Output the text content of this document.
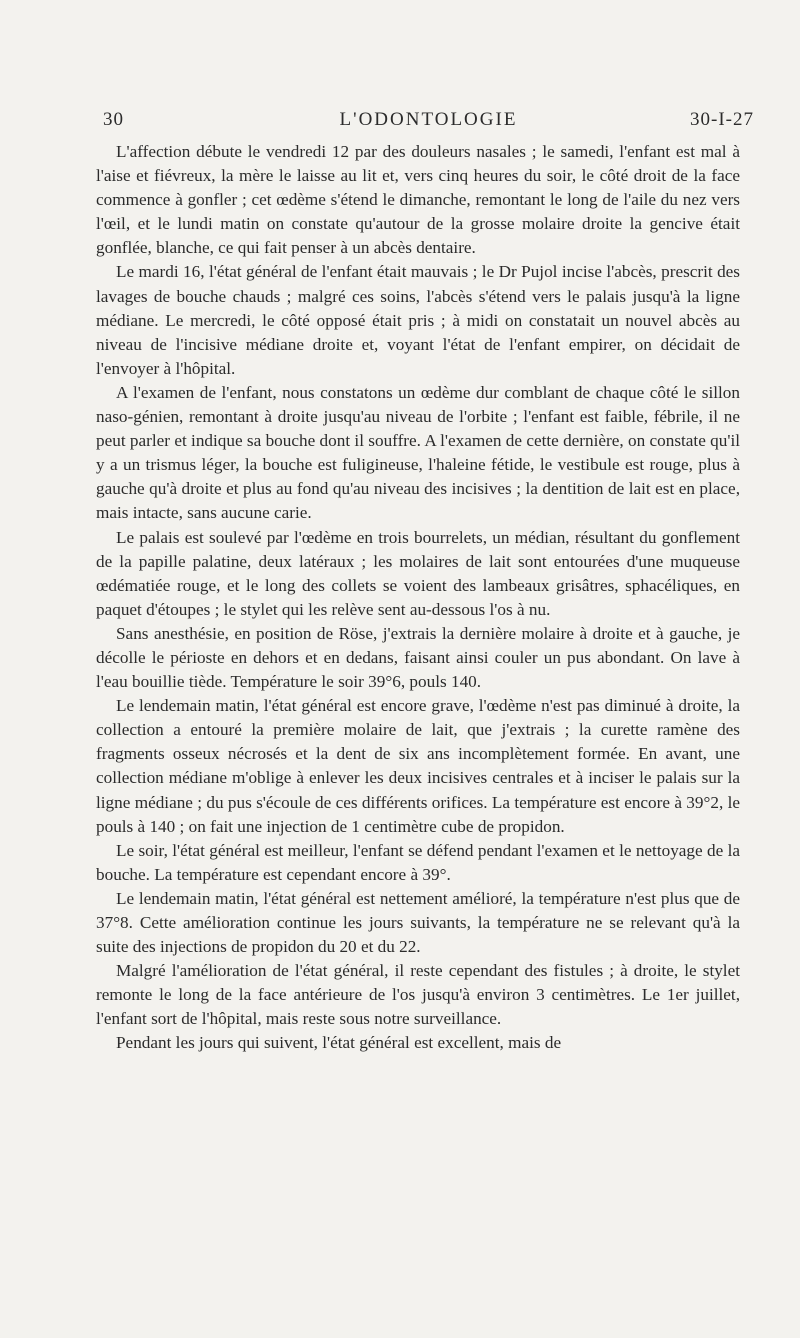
30	L'ODONTOLOGIE	30-I-27

L'affection débute le vendredi 12 par des douleurs nasales ; le samedi, l'enfant est mal à l'aise et fiévreux, la mère le laisse au lit et, vers cinq heures du soir, le côté droit de la face commence à gonfler ; cet œdème s'étend le dimanche, remontant le long de l'aile du nez vers l'œil, et le lundi matin on constate qu'autour de la grosse molaire droite la gencive était gonflée, blanche, ce qui fait penser à un abcès dentaire.

Le mardi 16, l'état général de l'enfant était mauvais ; le Dr Pujol incise l'abcès, prescrit des lavages de bouche chauds ; malgré ces soins, l'abcès s'étend vers le palais jusqu'à la ligne médiane. Le mercredi, le côté opposé était pris ; à midi on constatait un nouvel abcès au niveau de l'incisive médiane droite et, voyant l'état de l'enfant empirer, on décidait de l'envoyer à l'hôpital.

A l'examen de l'enfant, nous constatons un œdème dur comblant de chaque côté le sillon naso-génien, remontant à droite jusqu'au niveau de l'orbite ; l'enfant est faible, fébrile, il ne peut parler et indique sa bouche dont il souffre. A l'examen de cette dernière, on constate qu'il y a un trismus léger, la bouche est fuligineuse, l'haleine fétide, le vestibule est rouge, plus à gauche qu'à droite et plus au fond qu'au niveau des incisives ; la dentition de lait est en place, mais intacte, sans aucune carie.

Le palais est soulevé par l'œdème en trois bourrelets, un médian, résultant du gonflement de la papille palatine, deux latéraux ; les molaires de lait sont entourées d'une muqueuse œdématiée rouge, et le long des collets se voient des lambeaux grisâtres, sphacéliques, en paquet d'étoupes ; le stylet qui les relève sent au-dessous l'os à nu.

Sans anesthésie, en position de Röse, j'extrais la dernière molaire à droite et à gauche, je décolle le périoste en dehors et en dedans, faisant ainsi couler un pus abondant. On lave à l'eau bouillie tiède. Température le soir 39°6, pouls 140.

Le lendemain matin, l'état général est encore grave, l'œdème n'est pas diminué à droite, la collection a entouré la première molaire de lait, que j'extrais ; la curette ramène des fragments osseux nécrosés et la dent de six ans incomplètement formée. En avant, une collection médiane m'oblige à enlever les deux incisives centrales et à inciser le palais sur la ligne médiane ; du pus s'écoule de ces différents orifices. La température est encore à 39°2, le pouls à 140 ; on fait une injection de 1 centimètre cube de propidon.

Le soir, l'état général est meilleur, l'enfant se défend pendant l'examen et le nettoyage de la bouche. La température est cependant encore à 39°.

Le lendemain matin, l'état général est nettement amélioré, la température n'est plus que de 37°8. Cette amélioration continue les jours suivants, la température ne se relevant qu'à la suite des injections de propidon du 20 et du 22.

Malgré l'amélioration de l'état général, il reste cependant des fistules ; à droite, le stylet remonte le long de la face antérieure de l'os jusqu'à environ 3 centimètres. Le 1er juillet, l'enfant sort de l'hôpital, mais reste sous notre surveillance.

Pendant les jours qui suivent, l'état général est excellent, mais de
